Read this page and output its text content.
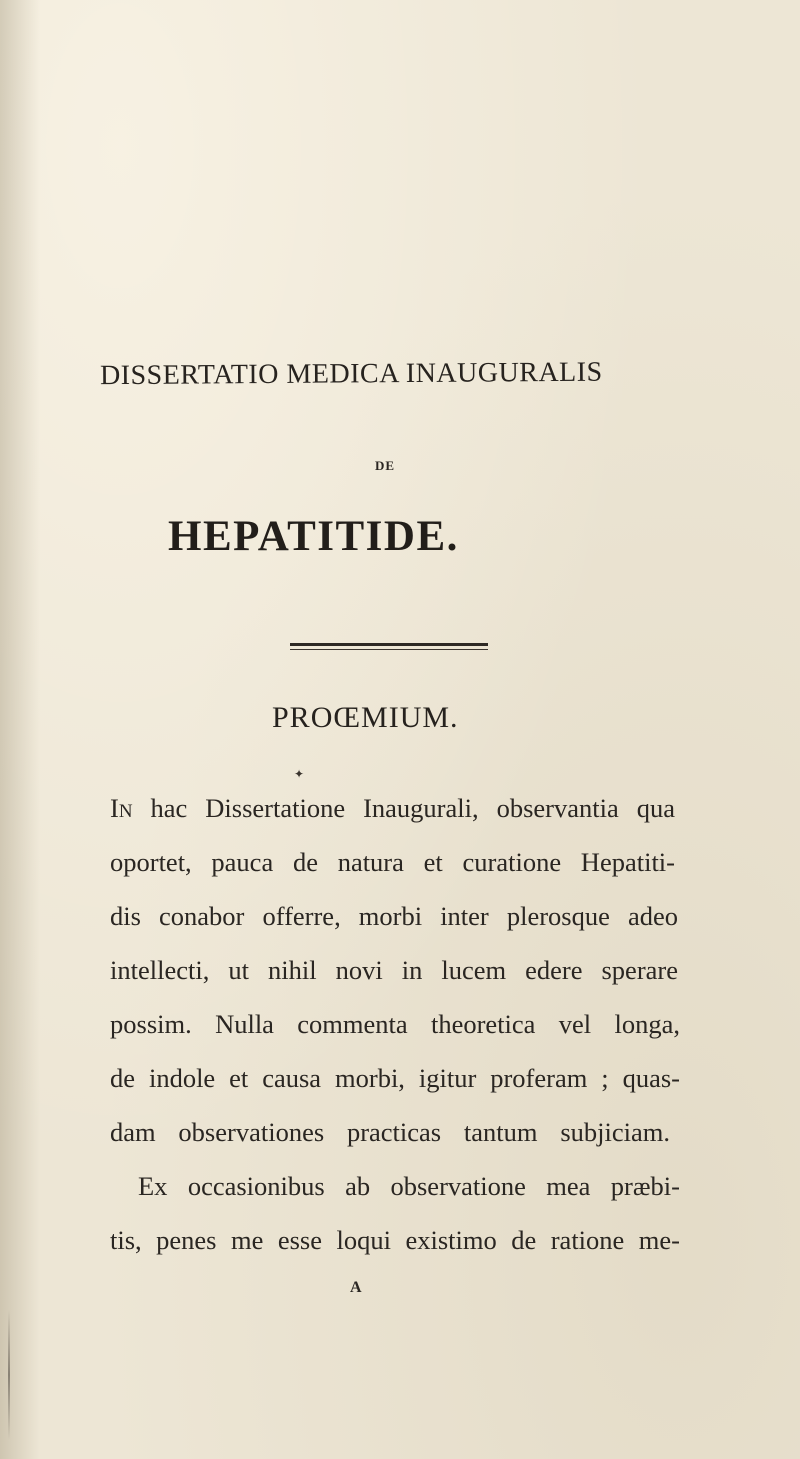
DISSERTATIO MEDICA INAUGURALIS
DE
HEPATITIDE.
PROŒMIUM.
✦
In hac Dissertatione Inaugurali, observantia qua
oportet, pauca de natura et curatione Hepatiti-
dis conabor offerre, morbi inter plerosque adeo
intellecti, ut nihil novi in lucem edere sperare
possim. Nulla commenta theoretica vel longa,
de indole et causa morbi, igitur proferam ; quas-
dam observationes practicas tantum subjiciam.
Ex occasionibus ab observatione mea præbi-
tis, penes me esse loqui existimo de ratione me-
A
